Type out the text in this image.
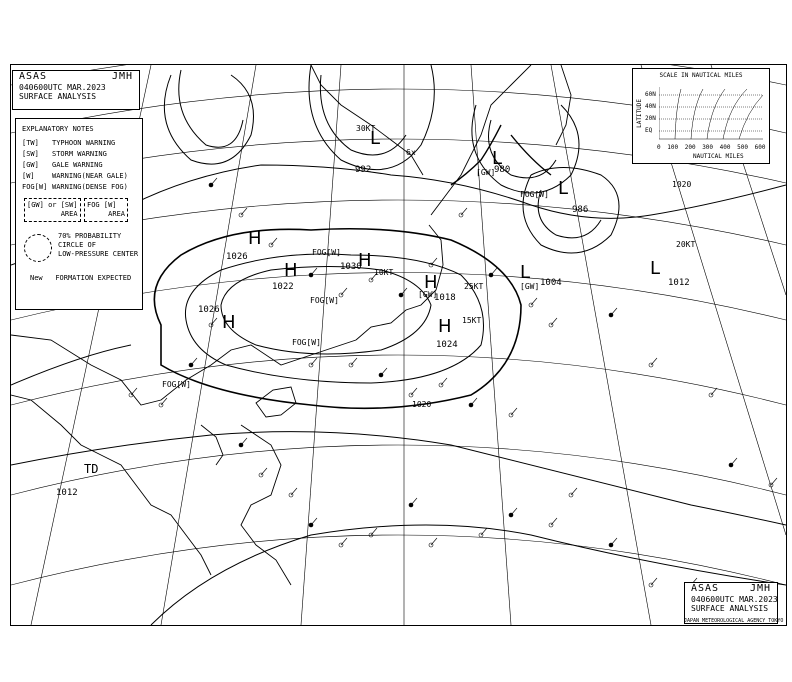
ASAS	JMH
040600UTC MAR.2023
SURFACE ANALYSIS
EXPLANATORY NOTES
[TW] TYPHOON WARNING
[SW] STORM WARNING
[GW] GALE WARNING
[W] WARNING(NEAR GALE)
FOG[W] WARNING(DENSE FOG)
[GW] or [SW]
AREA
FOG [W]
AREA
70% PROBABILITY
CIRCLE OF
LOW-PRESSURE CENTER
New FORMATION EXPECTED
SCALE IN NAUTICAL MILES
LATITUDE
60N
40N
20N
EQ
0 100 200 300 400 500 600
NAUTICAL MILES
ASAS	JMH
040600UTC MAR.2023
SURFACE ANALYSIS
JAPAN METEOROLOGICAL AGENCY TOKYO
L
992
L
980
L
986
L 1004
L
1012
H
1026
H
1022
H
1026
H
1030
H
1018
H
1024
1012
30KT
10KT
25KT
15KT
20KT
6x
TD
FOG[W]
FOG[W]
FOG[W]
FOG[W]
FOG[W]
[GW]
[GW]
[GW]
1020
1020
